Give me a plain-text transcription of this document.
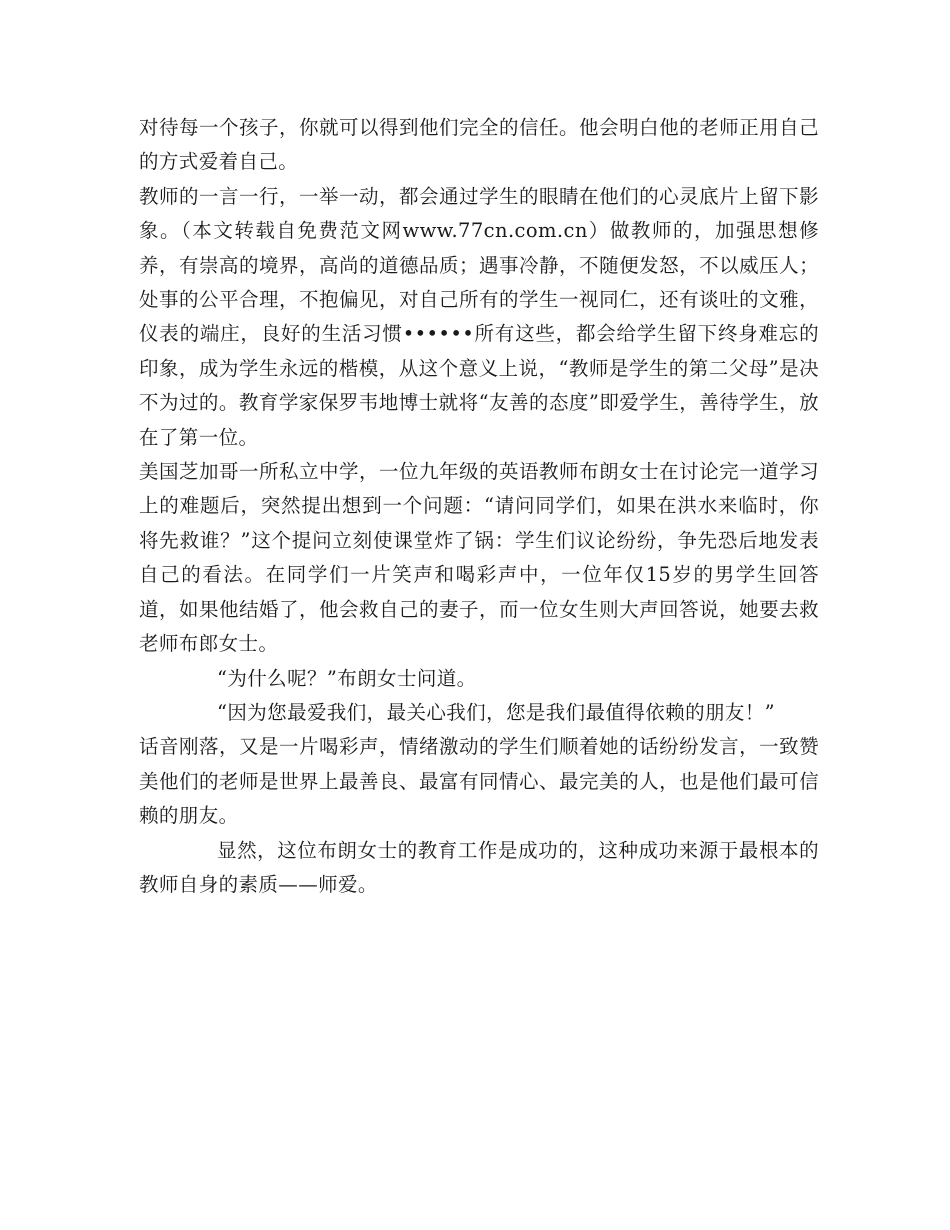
对待每一个孩子，你就可以得到他们完全的信任。他会明白他的老师正用自己的方式爱着自己。

教师的一言一行，一举一动，都会通过学生的眼睛在他们的心灵底片上留下影象。（本文转载自免费范文网www.77cn.com.cn）做教师的，加强思想修养，有崇高的境界，高尚的道德品质；遇事冷静，不随便发怒，不以威压人；处事的公平合理，不抱偏见，对自己所有的学生一视同仁，还有谈吐的文雅，仪表的端庄，良好的生活习惯••••••所有这些，都会给学生留下终身难忘的印象，成为学生永远的楷模，从这个意义上说，“教师是学生的第二父母”是决不为过的。教育学家保罗韦地博士就将“友善的态度”即爱学生，善待学生，放在了第一位。

美国芝加哥一所私立中学，一位九年级的英语教师布朗女士在讨论完一道学习上的难题后，突然提出想到一个问题：“请问同学们，如果在洪水来临时，你将先救谁？”这个提问立刻使课堂炸了锅：学生们议论纷纷，争先恐后地发表自己的看法。在同学们一片笑声和喝彩声中，一位年仅15岁的男学生回答道，如果他结婚了，他会救自己的妻子，而一位女生则大声回答说，她要去救老师布郎女士。

“为什么呢？”布朗女士问道。

“因为您最爱我们，最关心我们，您是我们最值得依赖的朋友！”

话音刚落，又是一片喝彩声，情绪激动的学生们顺着她的话纷纷发言，一致赞美他们的老师是世界上最善良、最富有同情心、最完美的人，也是他们最可信赖的朋友。

显然，这位布朗女士的教育工作是成功的，这种成功来源于最根本的教师自身的素质——师爱。
